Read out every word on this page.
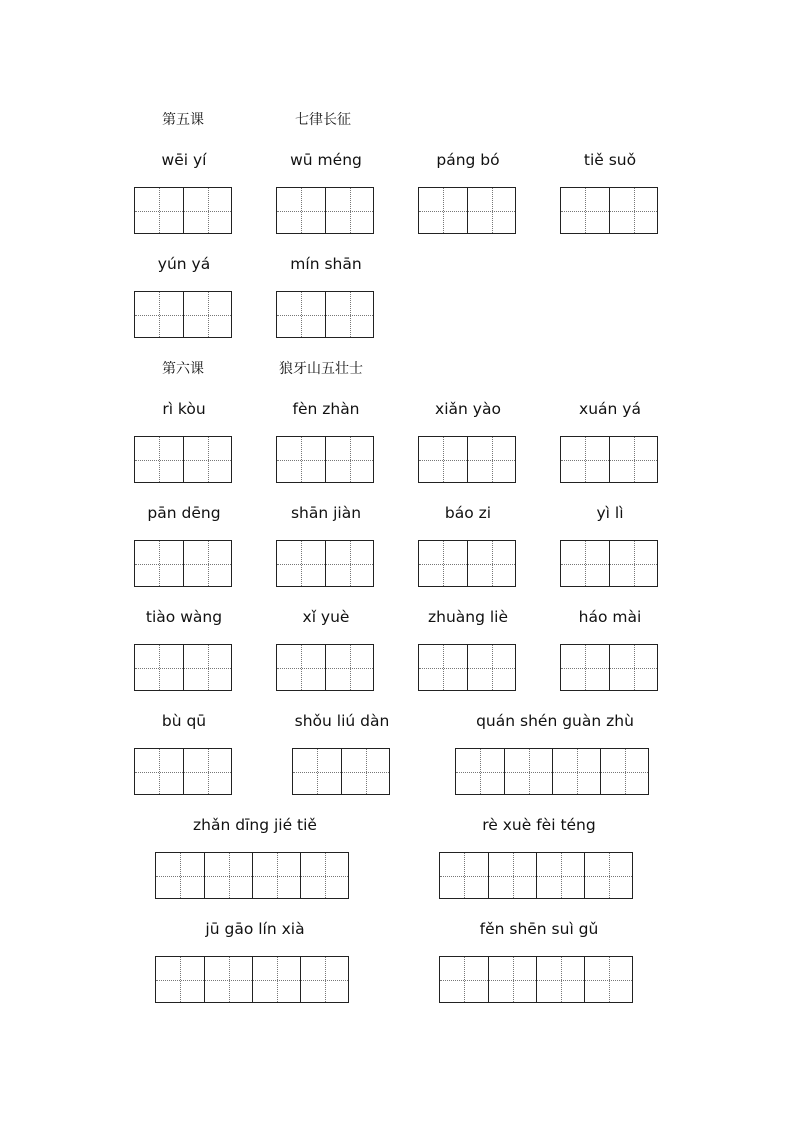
第五课	七律长征
wēi yí	wū méng	páng bó	tiě suǒ
yún yá	mín shān
第六课	狼牙山五壮士
rì kòu	fèn zhàn	xiǎn yào	xuán yá
pān dēng	shān jiàn	báo zi	yì lì
tiào wàng	xǐ yuè	zhuàng liè	háo mài
bù qū	shǒu liú dàn	quán shén guàn zhù
zhǎn dīng jié tiě	rè xuè fèi téng
jū gāo lín xià	fěn shēn suì gǔ
